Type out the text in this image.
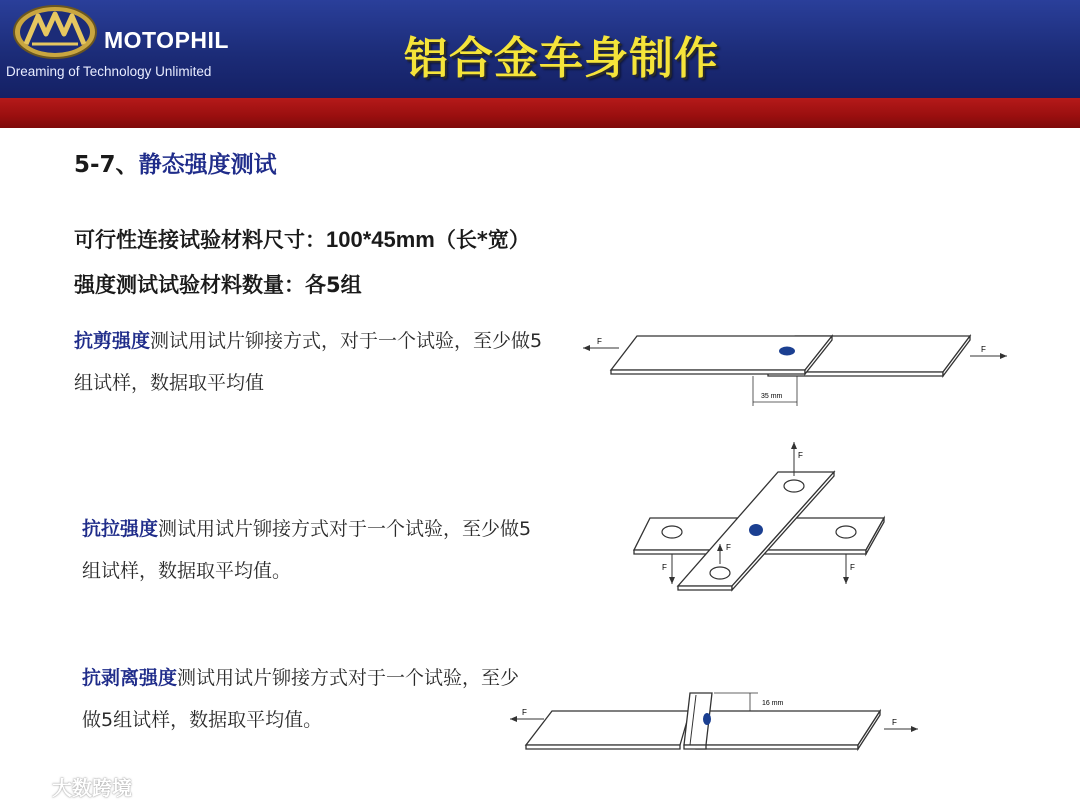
MOTOPHIL
Dreaming of Technology Unlimited	铝合金车身制作
5-7、静态强度测试
可行性连接试验材料尺寸：100*45mm（长*宽）
强度测试试验材料数量：各5组
抗剪强度测试用试片铆接方式，对于一个试验，至少做5组试样，数据取平均值
抗拉强度测试用试片铆接方式对于一个试验，至少做5组试样，数据取平均值。
抗剥离强度测试用试片铆接方式对于一个试验，至少做5组试样，数据取平均值。
F
F
35 mm
F
F	F
F
F
F
16 mm
大数跨境
